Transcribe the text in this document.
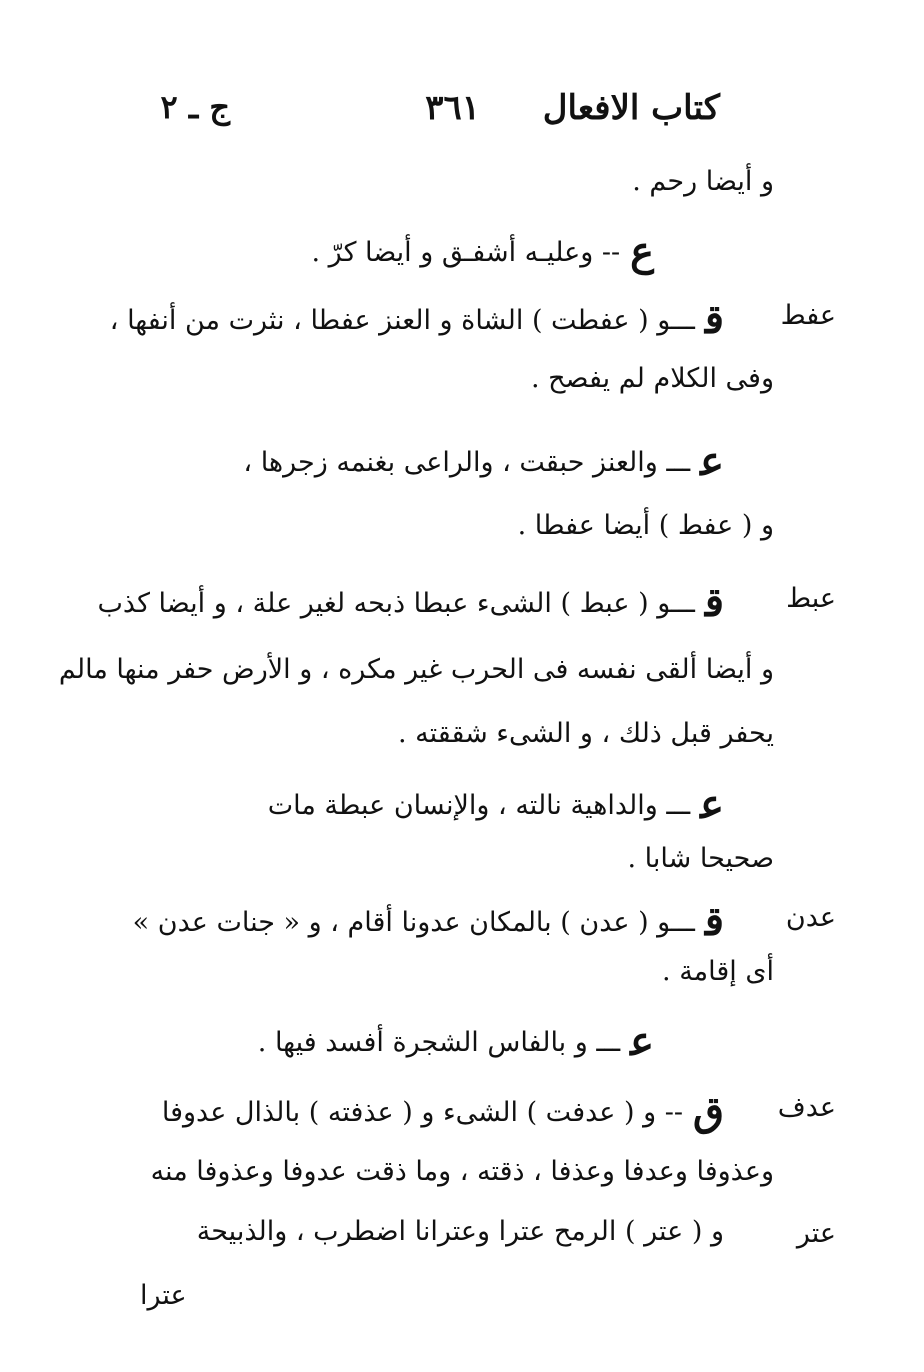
كتاب الافعال
٣٦١
ج ـ ٢
عفط
عبط
عدن
عدف
عتر
و أيضا رحم .
ع-- وعليـه أشفـق و أيضا كرّ .
قـــو ( عفطت ) الشاة و العنز عفطا ، نثرت من أنفها ،
وفى الكلام لم يفصح .
عـــ والعنز حبقت ، والراعى بغنمه زجرها ،
و ( عفط ) أيضا عفطا .
قـــو ( عبط ) الشىء عبطا ذبحه لغير علة ، و أيضا كذب
و أيضا ألقى نفسه فى الحرب غير مكره ، و الأرض حفر منها مالم
يحفر قبل ذلك ، و الشىء شققته .
عـــ والداهية نالته ، والإنسان عبطة مات
صحيحا شابا .
قـــو ( عدن ) بالمكان عدونا أقام ، و « جنات عدن »
أى إقامة .
عـــ و بالفاس الشجرة أفسد فيها .
ق-- و ( عدفت ) الشىء و ( عذفته ) بالذال عدوفا
وعذوفا وعدفا وعذفا ، ذقته ، وما ذقت عدوفا وعذوفا منه
و ( عتر ) الرمح عترا وعترانا اضطرب ، والذبيحة
عترا
